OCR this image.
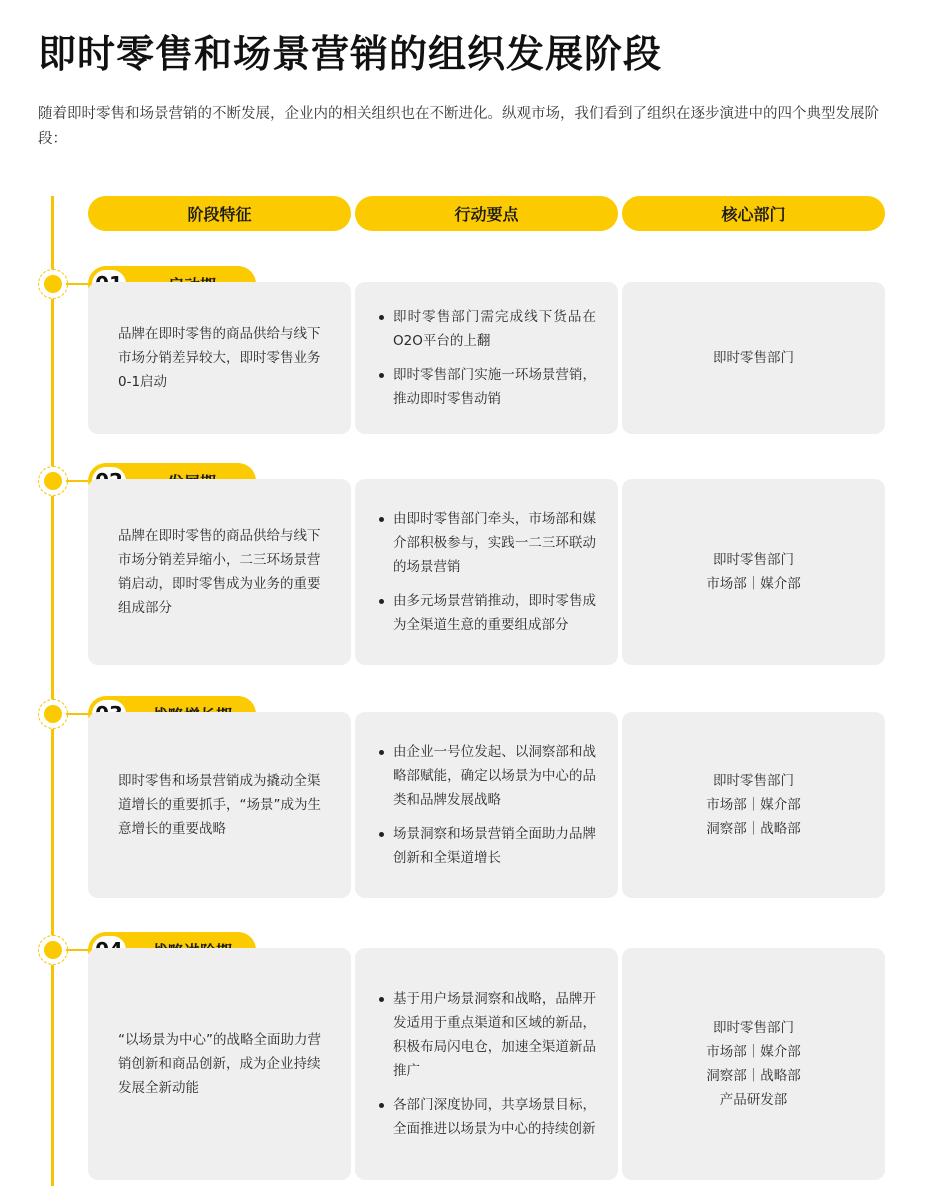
即时零售和场景营销的组织发展阶段

随着即时零售和场景营销的不断发展，企业内的相关组织也在不断进化。纵观市场，我们看到了组织在逐步演进中的四个典型发展阶段：

阶段特征	行动要点	核心部门
品牌在即时零售的商品供给与线下市场分销差异较大，即时零售业务0-1启动
即时零售部门需完成线下货品在O2O平台的上翻
即时零售部门实施一环场景营销，推动即时零售动销
即时零售部门
品牌在即时零售的商品供给与线下市场分销差异缩小，二三环场景营销启动，即时零售成为业务的重要组成部分
由即时零售部门牵头，市场部和媒介部积极参与，实践一二三环联动的场景营销
由多元场景营销推动，即时零售成为全渠道生意的重要组成部分
即时零售部门
市场部｜媒介部
即时零售和场景营销成为撬动全渠道增长的重要抓手，“场景”成为生意增长的重要战略
由企业一号位发起、以洞察部和战略部赋能，确定以场景为中心的品类和品牌发展战略
场景洞察和场景营销全面助力品牌创新和全渠道增长
即时零售部门
市场部｜媒介部
洞察部｜战略部
“以场景为中心”的战略全面助力营销创新和商品创新，成为企业持续发展全新动能
基于用户场景洞察和战略，品牌开发适用于重点渠道和区域的新品，积极布局闪电仓，加速全渠道新品推广
各部门深度协同，共享场景目标，全面推进以场景为中心的持续创新
即时零售部门
市场部｜媒介部
洞察部｜战略部
产品研发部
